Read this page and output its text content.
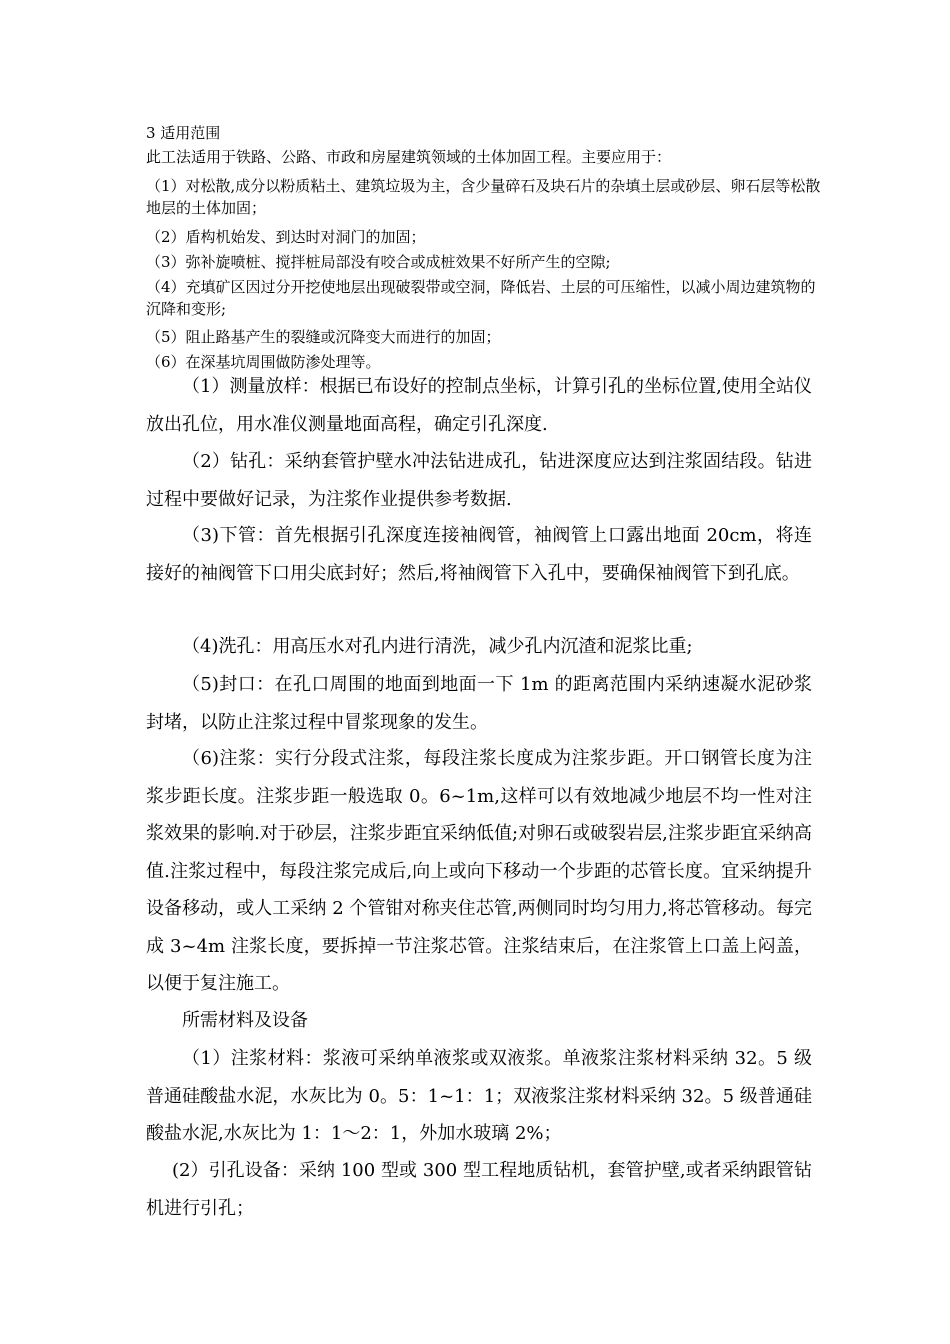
3 适用范围

此工法适用于铁路、公路、市政和房屋建筑领域的土体加固工程。主要应用于：

（1）对松散,成分以粉质粘土、建筑垃圾为主，含少量碎石及块石片的杂填土层或砂层、卵石层等松散地层的土体加固；

（2）盾构机始发、到达时对洞门的加固；

（3）弥补旋喷桩、搅拌桩局部没有咬合或成桩效果不好所产生的空隙;

（4）充填矿区因过分开挖使地层出现破裂带或空洞，降低岩、土层的可压缩性，以减小周边建筑物的沉降和变形;

（5）阻止路基产生的裂缝或沉降变大而进行的加固；

（6）在深基坑周围做防渗处理等。

（1）测量放样：根据已布设好的控制点坐标，计算引孔的坐标位置,使用全站仪放出孔位，用水准仪测量地面高程，确定引孔深度.

（2）钻孔：采纳套管护壁水冲法钻进成孔，钻进深度应达到注浆固结段。钻进过程中要做好记录，为注浆作业提供参考数据.

（3)下管：首先根据引孔深度连接袖阀管，袖阀管上口露出地面 20cm，将连接好的袖阀管下口用尖底封好；然后,将袖阀管下入孔中，要确保袖阀管下到孔底。

（4)洗孔：用高压水对孔内进行清洗，减少孔内沉渣和泥浆比重;

（5)封口：在孔口周围的地面到地面一下 1m 的距离范围内采纳速凝水泥砂浆封堵，以防止注浆过程中冒浆现象的发生。

（6)注浆：实行分段式注浆，每段注浆长度成为注浆步距。开口钢管长度为注浆步距长度。注浆步距一般选取 0。6~1m,这样可以有效地减少地层不均一性对注浆效果的影响.对于砂层，注浆步距宜采纳低值;对卵石或破裂岩层,注浆步距宜采纳高值.注浆过程中，每段注浆完成后,向上或向下移动一个步距的芯管长度。宜采纳提升设备移动，或人工采纳 2 个管钳对称夹住芯管,两侧同时均匀用力,将芯管移动。每完成 3~4m 注浆长度，要拆掉一节注浆芯管。注浆结束后，在注浆管上口盖上闷盖，以便于复注施工。

所需材料及设备

（1）注浆材料：浆液可采纳单液浆或双液浆。单液浆注浆材料采纳 32。5 级普通硅酸盐水泥，水灰比为 0。5：1~1：1；双液浆注浆材料采纳 32。5 级普通硅酸盐水泥,水灰比为 1：1～2：1，外加水玻璃 2%；

(2）引孔设备：采纳 100 型或 300 型工程地质钻机，套管护壁,或者采纳跟管钻机进行引孔；
